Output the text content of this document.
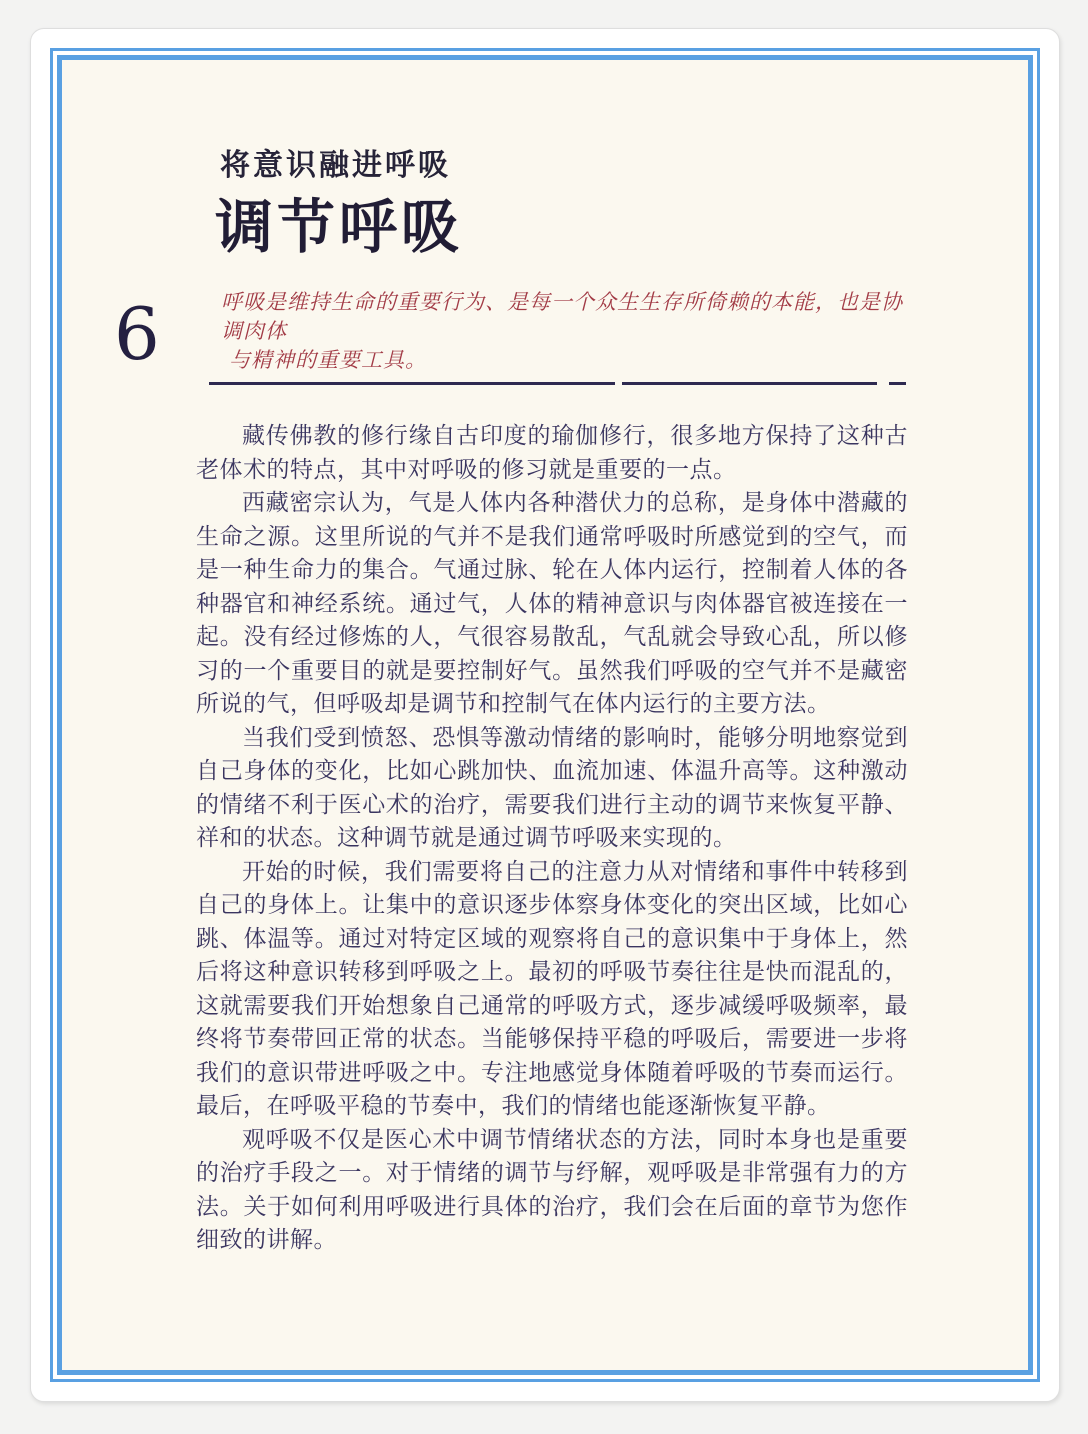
将意识融进呼吸
调节呼吸
6	呼吸是维持生命的重要行为、是每一个众生生存所倚赖的本能，也是协调肉体
与精神的重要工具。

藏传佛教的修行缘自古印度的瑜伽修行，很多地方保持了这种古老体术的特点，其中对呼吸的修习就是重要的一点。

西藏密宗认为，气是人体内各种潜伏力的总称，是身体中潜藏的生命之源。这里所说的气并不是我们通常呼吸时所感觉到的空气，而是一种生命力的集合。气通过脉、轮在人体内运行，控制着人体的各种器官和神经系统。通过气，人体的精神意识与肉体器官被连接在一起。没有经过修炼的人，气很容易散乱，气乱就会导致心乱，所以修习的一个重要目的就是要控制好气。虽然我们呼吸的空气并不是藏密所说的气，但呼吸却是调节和控制气在体内运行的主要方法。

当我们受到愤怒、恐惧等激动情绪的影响时，能够分明地察觉到自己身体的变化，比如心跳加快、血流加速、体温升高等。这种激动的情绪不利于医心术的治疗，需要我们进行主动的调节来恢复平静、祥和的状态。这种调节就是通过调节呼吸来实现的。

开始的时候，我们需要将自己的注意力从对情绪和事件中转移到自己的身体上。让集中的意识逐步体察身体变化的突出区域，比如心跳、体温等。通过对特定区域的观察将自己的意识集中于身体上，然后将这种意识转移到呼吸之上。最初的呼吸节奏往往是快而混乱的，这就需要我们开始想象自己通常的呼吸方式，逐步减缓呼吸频率，最终将节奏带回正常的状态。当能够保持平稳的呼吸后，需要进一步将我们的意识带进呼吸之中。专注地感觉身体随着呼吸的节奏而运行。最后，在呼吸平稳的节奏中，我们的情绪也能逐渐恢复平静。

观呼吸不仅是医心术中调节情绪状态的方法，同时本身也是重要的治疗手段之一。对于情绪的调节与纾解，观呼吸是非常强有力的方法。关于如何利用呼吸进行具体的治疗，我们会在后面的章节为您作细致的讲解。
